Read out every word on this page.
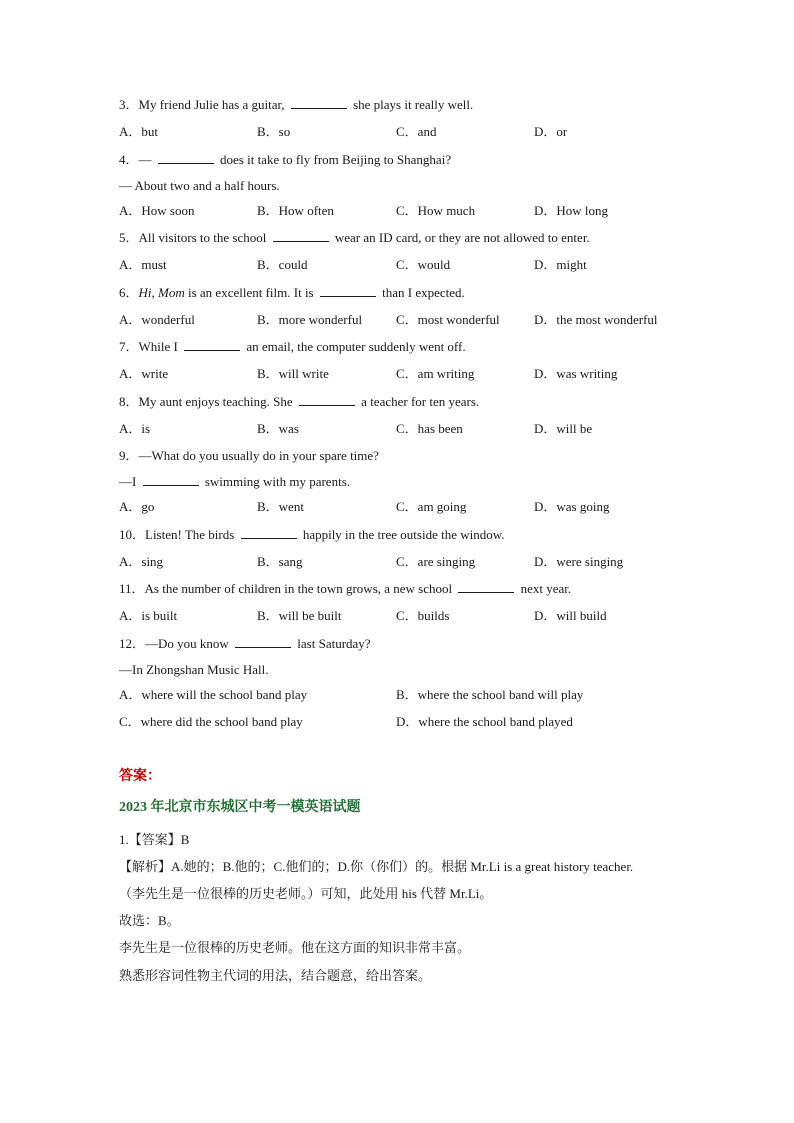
3．My friend Julie has a guitar,	she plays it really well.
A．but	B．so	C．and	D．or
4．—	does it take to fly from Beijing to Shanghai?
— About two and a half hours.
A．How soon	B．How often	C．How much	D．How long
5．All visitors to the school	wear an ID card, or they are not allowed to enter.
A．must	B．could	C．would	D．might
6．Hi, Mom is an excellent film. It is	than I expected.
A．wonderful	B．more wonderful	C．most wonderful	D．the most wonderful
7．While I	an email, the computer suddenly went off.
A．write	B．will write	C．am writing	D．was writing
8．My aunt enjoys teaching. She	a teacher for ten years.
A．is	B．was	C．has been	D．will be
9．—What do you usually do in your spare time?
—I	swimming with my parents.
A．go	B．went	C．am going	D．was going
10．Listen! The birds	happily in the tree outside the window.
A．sing	B．sang	C．are singing	D．were singing
11．As the number of children in the town grows, a new school	next year.
A．is built	B．will be built	C．builds	D．will build
12．—Do you know	last Saturday?
—In Zhongshan Music Hall.
A．where will the school band play	B．where the school band will play
C．where did the school band play	D．where the school band played
答案：
2023 年北京市东城区中考一模英语试题
1.【答案】B
【解析】A.她的；B.他的；C.他们的；D.你（你们）的。根据 Mr.Li is a great history teacher.
（李先生是一位很棒的历史老师。）可知，此处用 his 代替 Mr.Li。
故选：B。
李先生是一位很棒的历史老师。他在这方面的知识非常丰富。
熟悉形容词性物主代词的用法，结合题意，给出答案。
